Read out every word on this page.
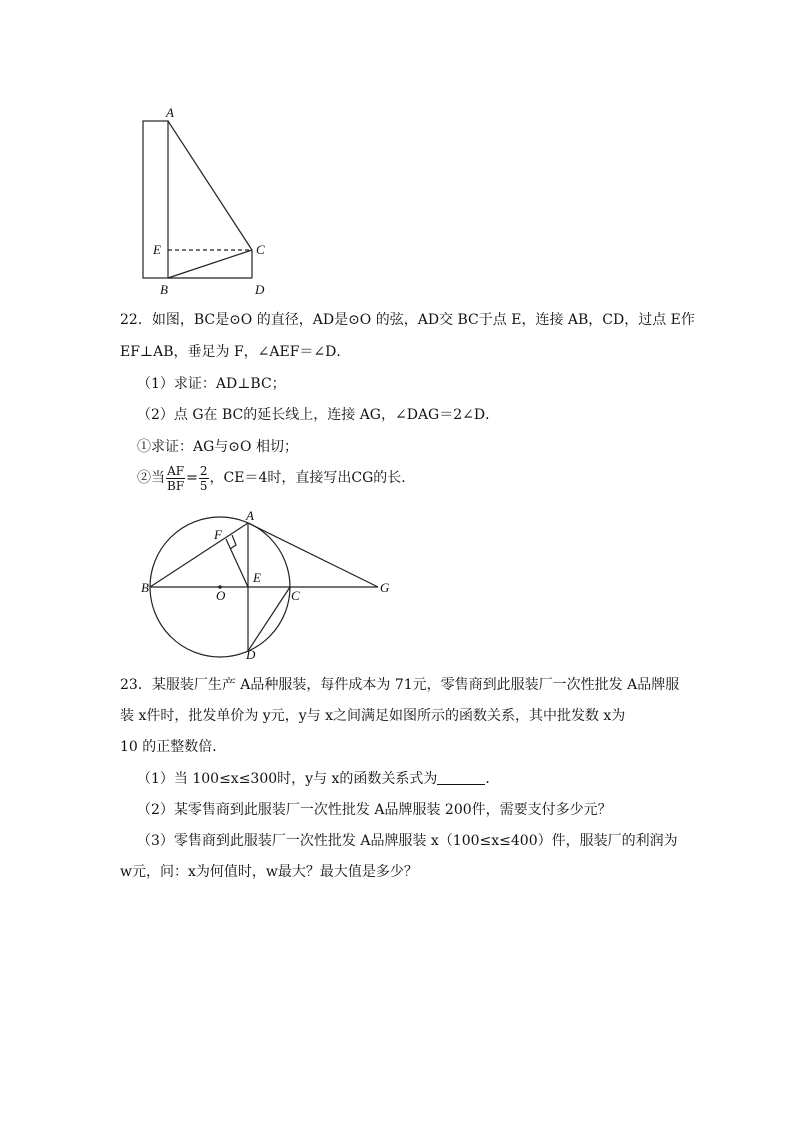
A
E	C
B	D
22．如图，BC是⊙O 的直径，AD是⊙O 的弦，AD交 BC于点 E，连接 AB，CD，过点 E作
EF⊥AB，垂足为 F，∠AEF＝∠D．
（1）求证：AD⊥BC；
（2）点 G在 BC的延长线上，连接 AG，∠DAG＝2∠D．
①求证：AG与⊙O 相切；
②当 $\frac{AF}{BF} = \frac{2}{5}$ ，CE＝4时，直接写出CG的长．
A
F
B
O
E
C
G
D
23．某服装厂生产 A品种服装，每件成本为 71元，零售商到此服装厂一次性批发 A品牌服
装 x件时，批发单价为 y元，y与 x之间满足如图所示的函数关系，其中批发数 x为
10 的正整数倍．
（1）当 100≤x≤300时，y与 x的函数关系式为	．
（2）某零售商到此服装厂一次性批发 A品牌服装 200件，需要支付多少元？
（3）零售商到此服装厂一次性批发 A品牌服装 x（100≤x≤400）件，服装厂的利润为
w元，问：x为何值时，w最大？最大值是多少？
